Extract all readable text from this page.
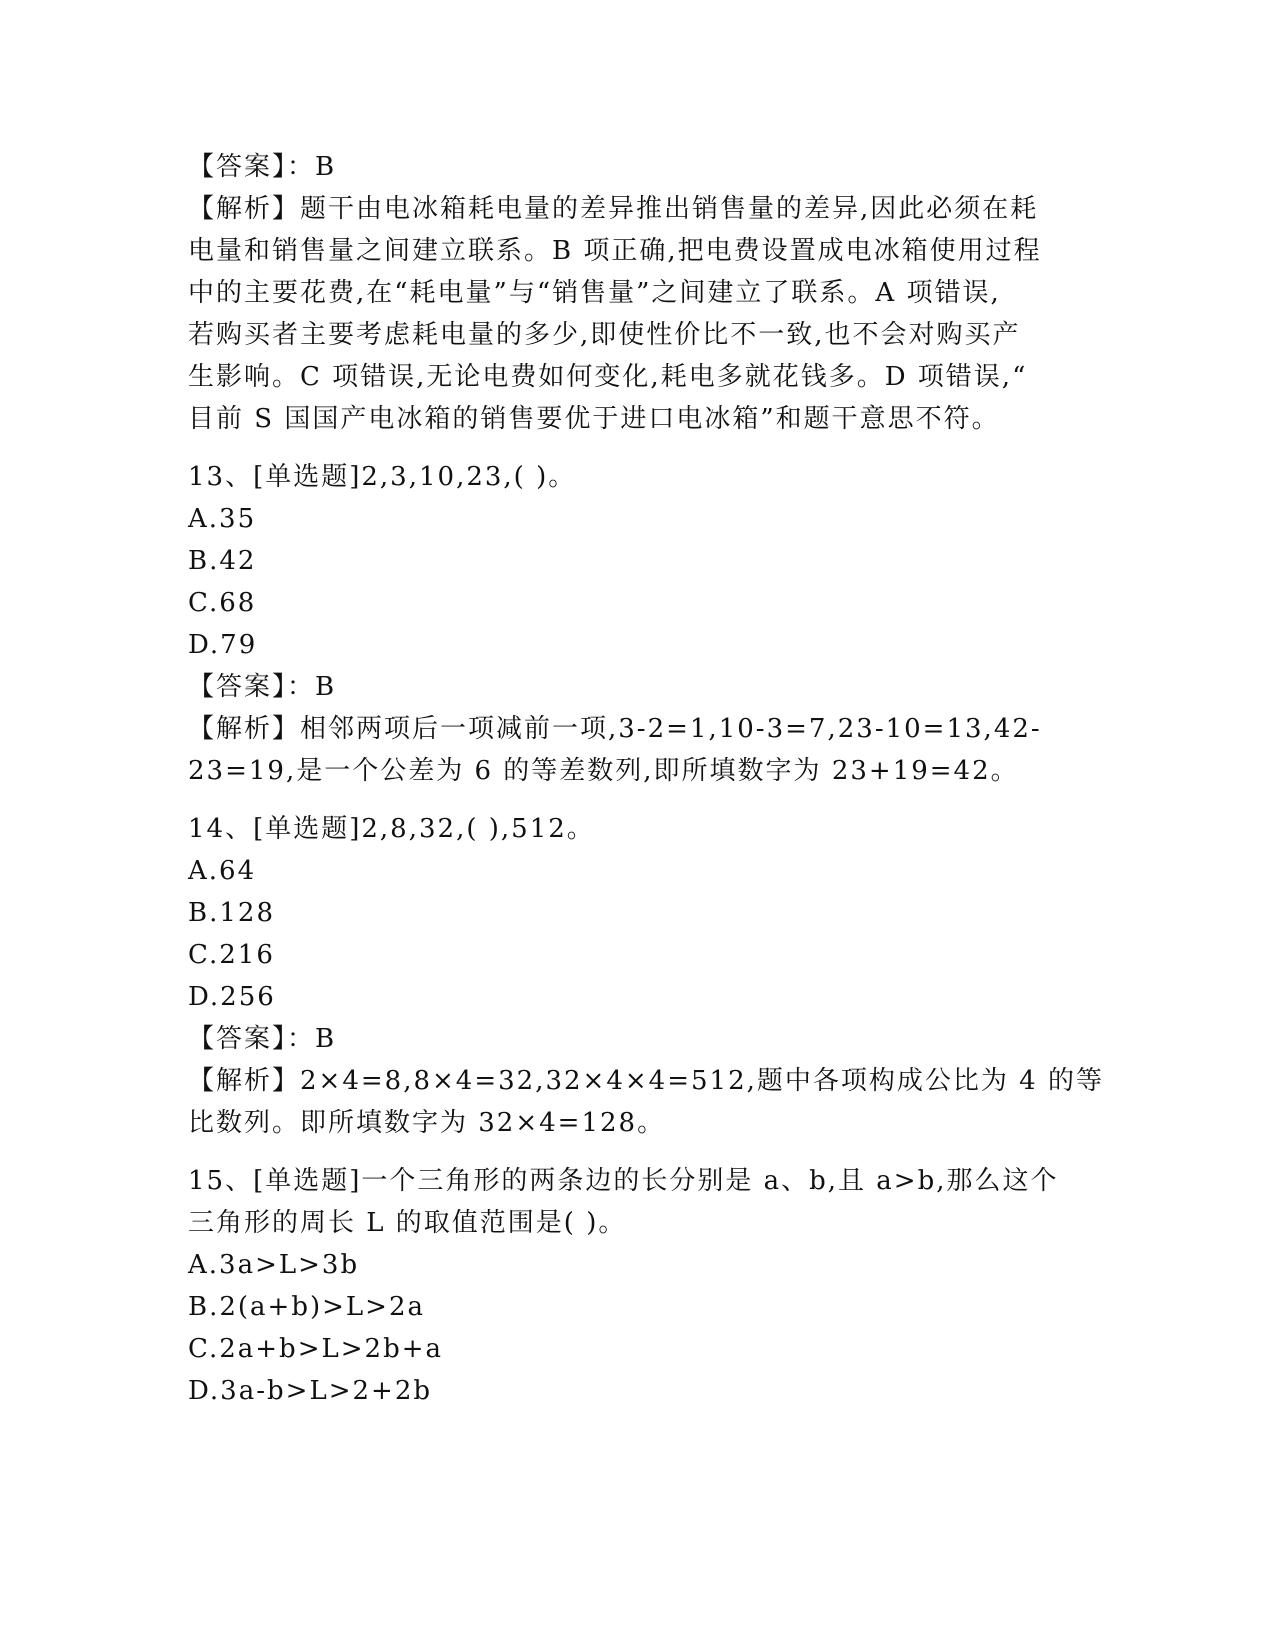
【答案】：B
【解析】题干由电冰箱耗电量的差异推出销售量的差异,因此必须在耗
电量和销售量之间建立联系。B 项正确,把电费设置成电冰箱使用过程
中的主要花费,在“耗电量”与“销售量”之间建立了联系。A 项错误,
若购买者主要考虑耗电量的多少,即使性价比不一致,也不会对购买产
生影响。C 项错误,无论电费如何变化,耗电多就花钱多。D 项错误,“
目前 S 国国产电冰箱的销售要优于进口电冰箱”和题干意思不符。
13、[单选题]2,3,10,23,( )。
A.35
B.42
C.68
D.79
【答案】：B
【解析】相邻两项后一项减前一项,3-2=1,10-3=7,23-10=13,42-
23=19,是一个公差为 6 的等差数列,即所填数字为 23+19=42。
14、[单选题]2,8,32,( ),512。
A.64
B.128
C.216
D.256
【答案】：B
【解析】2×4=8,8×4=32,32×4×4=512,题中各项构成公比为 4 的等
比数列。即所填数字为 32×4=128。
15、[单选题]一个三角形的两条边的长分别是 a、b,且 a>b,那么这个
三角形的周长 L 的取值范围是( )。
A.3a>L>3b
B.2(a+b)>L>2a
C.2a+b>L>2b+a
D.3a-b>L>2+2b
